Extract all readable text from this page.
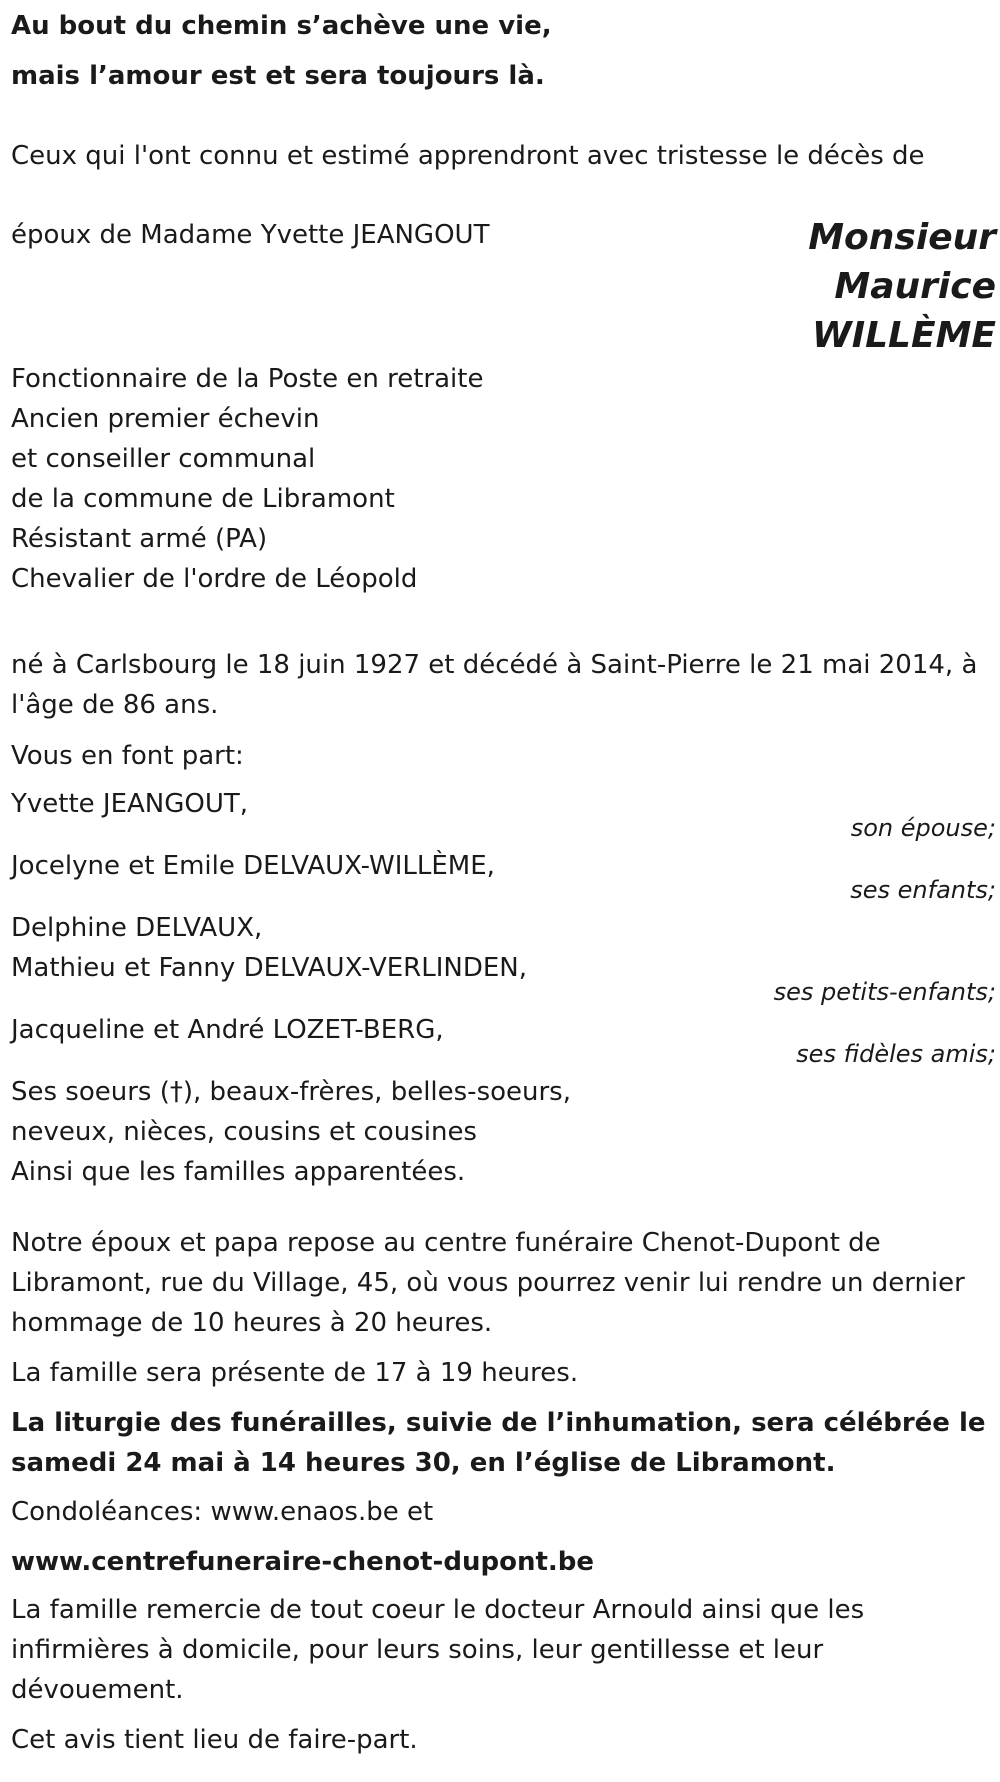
Au bout du chemin s’achève une vie,
mais l’amour est et sera toujours là.
Ceux qui l'ont connu et estimé apprendront avec tristesse le décès de
époux de Madame Yvette JEANGOUT	Monsieur
Maurice
WILLÈME
Fonctionnaire de la Poste en retraite
Ancien premier échevin
et conseiller communal
de la commune de Libramont
Résistant armé (PA)
Chevalier de l'ordre de Léopold
né à Carlsbourg le 18 juin 1927 et décédé à Saint-Pierre le 21 mai 2014, à
l'âge de 86 ans.
Vous en font part:
Yvette JEANGOUT,
son épouse;
Jocelyne et Emile DELVAUX-WILLÈME,
ses enfants;
Delphine DELVAUX,
Mathieu et Fanny DELVAUX-VERLINDEN,
ses petits-enfants;
Jacqueline et André LOZET-BERG,
ses fidèles amis;
Ses soeurs (†), beaux-frères, belles-soeurs,
neveux, nièces, cousins et cousines
Ainsi que les familles apparentées.
Notre époux et papa repose au centre funéraire Chenot-Dupont de
Libramont, rue du Village, 45, où vous pourrez venir lui rendre un dernier
hommage de 10 heures à 20 heures.
La famille sera présente de 17 à 19 heures.
La liturgie des funérailles, suivie de l’inhumation, sera célébrée le
samedi 24 mai à 14 heures 30, en l’église de Libramont.
Condoléances: www.enaos.be et
www.centrefuneraire-chenot-dupont.be
La famille remercie de tout coeur le docteur Arnould ainsi que les
infirmières à domicile, pour leurs soins, leur gentillesse et leur
dévouement.
Cet avis tient lieu de faire-part.
